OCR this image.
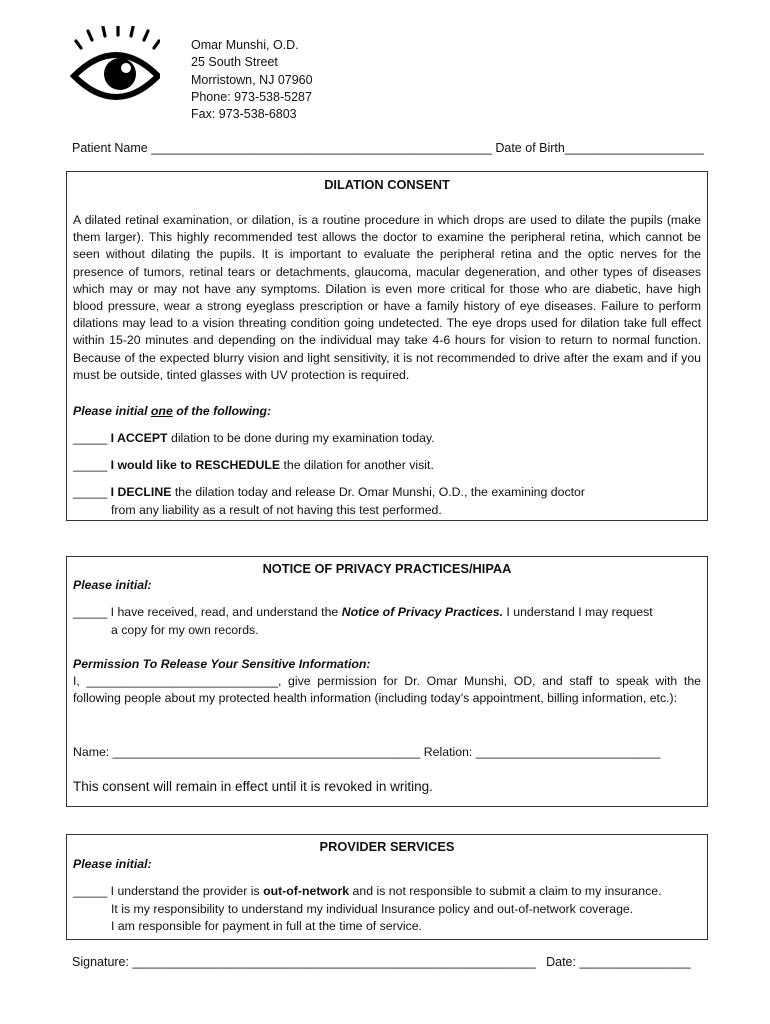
Omar Munshi, O.D.
25 South Street
Morristown, NJ 07960
Phone: 973-538-5287
Fax: 973-538-6803
Patient Name _________________________________________________ Date of Birth____________________
DILATION CONSENT
A dilated retinal examination, or dilation, is a routine procedure in which drops are used to dilate the pupils (make them larger). This highly recommended test allows the doctor to examine the peripheral retina, which cannot be seen without dilating the pupils. It is important to evaluate the peripheral retina and the optic nerves for the presence of tumors, retinal tears or detachments, glaucoma, macular degeneration, and other types of diseases which may or may not have any symptoms. Dilation is even more critical for those who are diabetic, have high blood pressure, wear a strong eyeglass prescription or have a family history of eye diseases. Failure to perform dilations may lead to a vision threating condition going undetected. The eye drops used for dilation take full effect within 15-20 minutes and depending on the individual may take 4-6 hours for vision to return to normal function. Because of the expected blurry vision and light sensitivity, it is not recommended to drive after the exam and if you must be outside, tinted glasses with UV protection is required.
Please initial one of the following:
_____ I ACCEPT dilation to be done during my examination today.
_____ I would like to RESCHEDULE the dilation for another visit.
_____ I DECLINE the dilation today and release Dr. Omar Munshi, O.D., the examining doctor
from any liability as a result of not having this test performed.
NOTICE OF PRIVACY PRACTICES/HIPAA
Please initial:
_____ I have received, read, and understand the Notice of Privacy Practices. I understand I may request
a copy for my own records.
Permission To Release Your Sensitive Information:
I, ____________________________, give permission for Dr. Omar Munshi, OD, and staff to speak with the following people about my protected health information (including today’s appointment, billing information, etc.):
Name: _____________________________________________ Relation: ___________________________
This consent will remain in effect until it is revoked in writing.
PROVIDER SERVICES
Please initial:
_____ I understand the provider is out-of-network and is not responsible to submit a claim to my insurance.
It is my responsibility to understand my individual Insurance policy and out-of-network coverage.
I am responsible for payment in full at the time of service.
Signature: __________________________________________________________   Date: ________________
